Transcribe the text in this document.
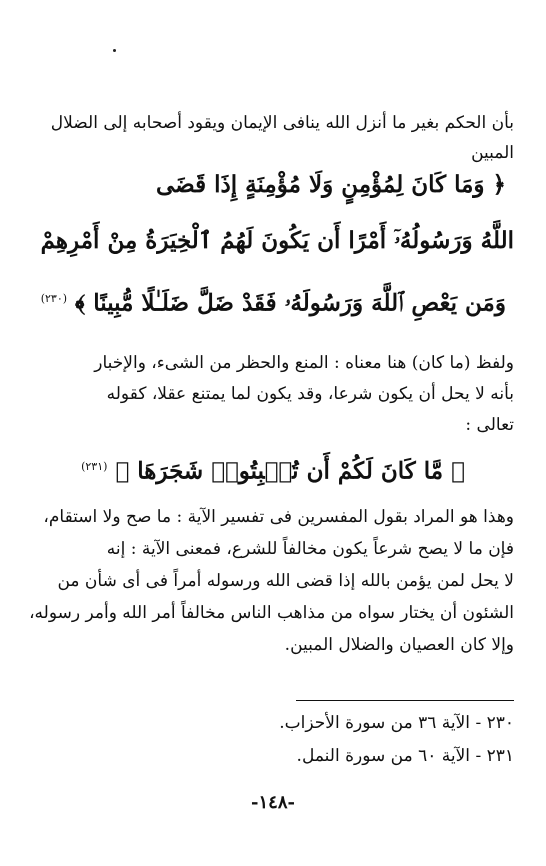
بأن الحكم بغير ما أنزل الله ينافى الإيمان ويقود أصحابه إلى الضلال
المبين
﴿ وَمَا كَانَ لِمُؤْمِنٍ وَلَا مُؤْمِنَةٍ إِذَا قَضَى
اللَّهُ وَرَسُولُهُۥٓ أَمْرًا أَن يَكُونَ لَهُمُ ٱلْخِيَرَةُ مِنْ أَمْرِهِمْ
وَمَن يَعْصِ ٱللَّهَ وَرَسُولَهُۥ فَقَدْ ضَلَّ ضَلَـٰلًا مُّبِينًا ﴾ $^{(٢٣٠)}$
ولفظ (ما كان) هنا معناه : المنع والحظر من الشىء، والإخبار
بأنه لا يحل أن يكون شرعا، وقد يكون لما يمتنع عقلا، كقوله
تعالى :
﴿ مَّا كَانَ لَكُمْ أَن تُنۢبِتُوا۟ شَجَرَهَا ﴾ $^{(٢٣١)}$
وهذا هو المراد بقول المفسرين فى تفسير الآية : ما صح ولا استقام،
فإن ما لا يصح شرعاً يكون مخالفاً للشرع، فمعنى الآية : إنه
لا يحل لمن يؤمن بالله إذا قضى الله ورسوله أمراً فى أى شأن من
الشئون أن يختار سواه من مذاهب الناس مخالفاً أمر الله وأمر رسوله،
وإلا كان العصيان والضلال المبين.
٢٣٠ - الآية ٣٦ من سورة الأحزاب.
٢٣١ - الآية ٦٠ من سورة النمل.
-١٤٨-
